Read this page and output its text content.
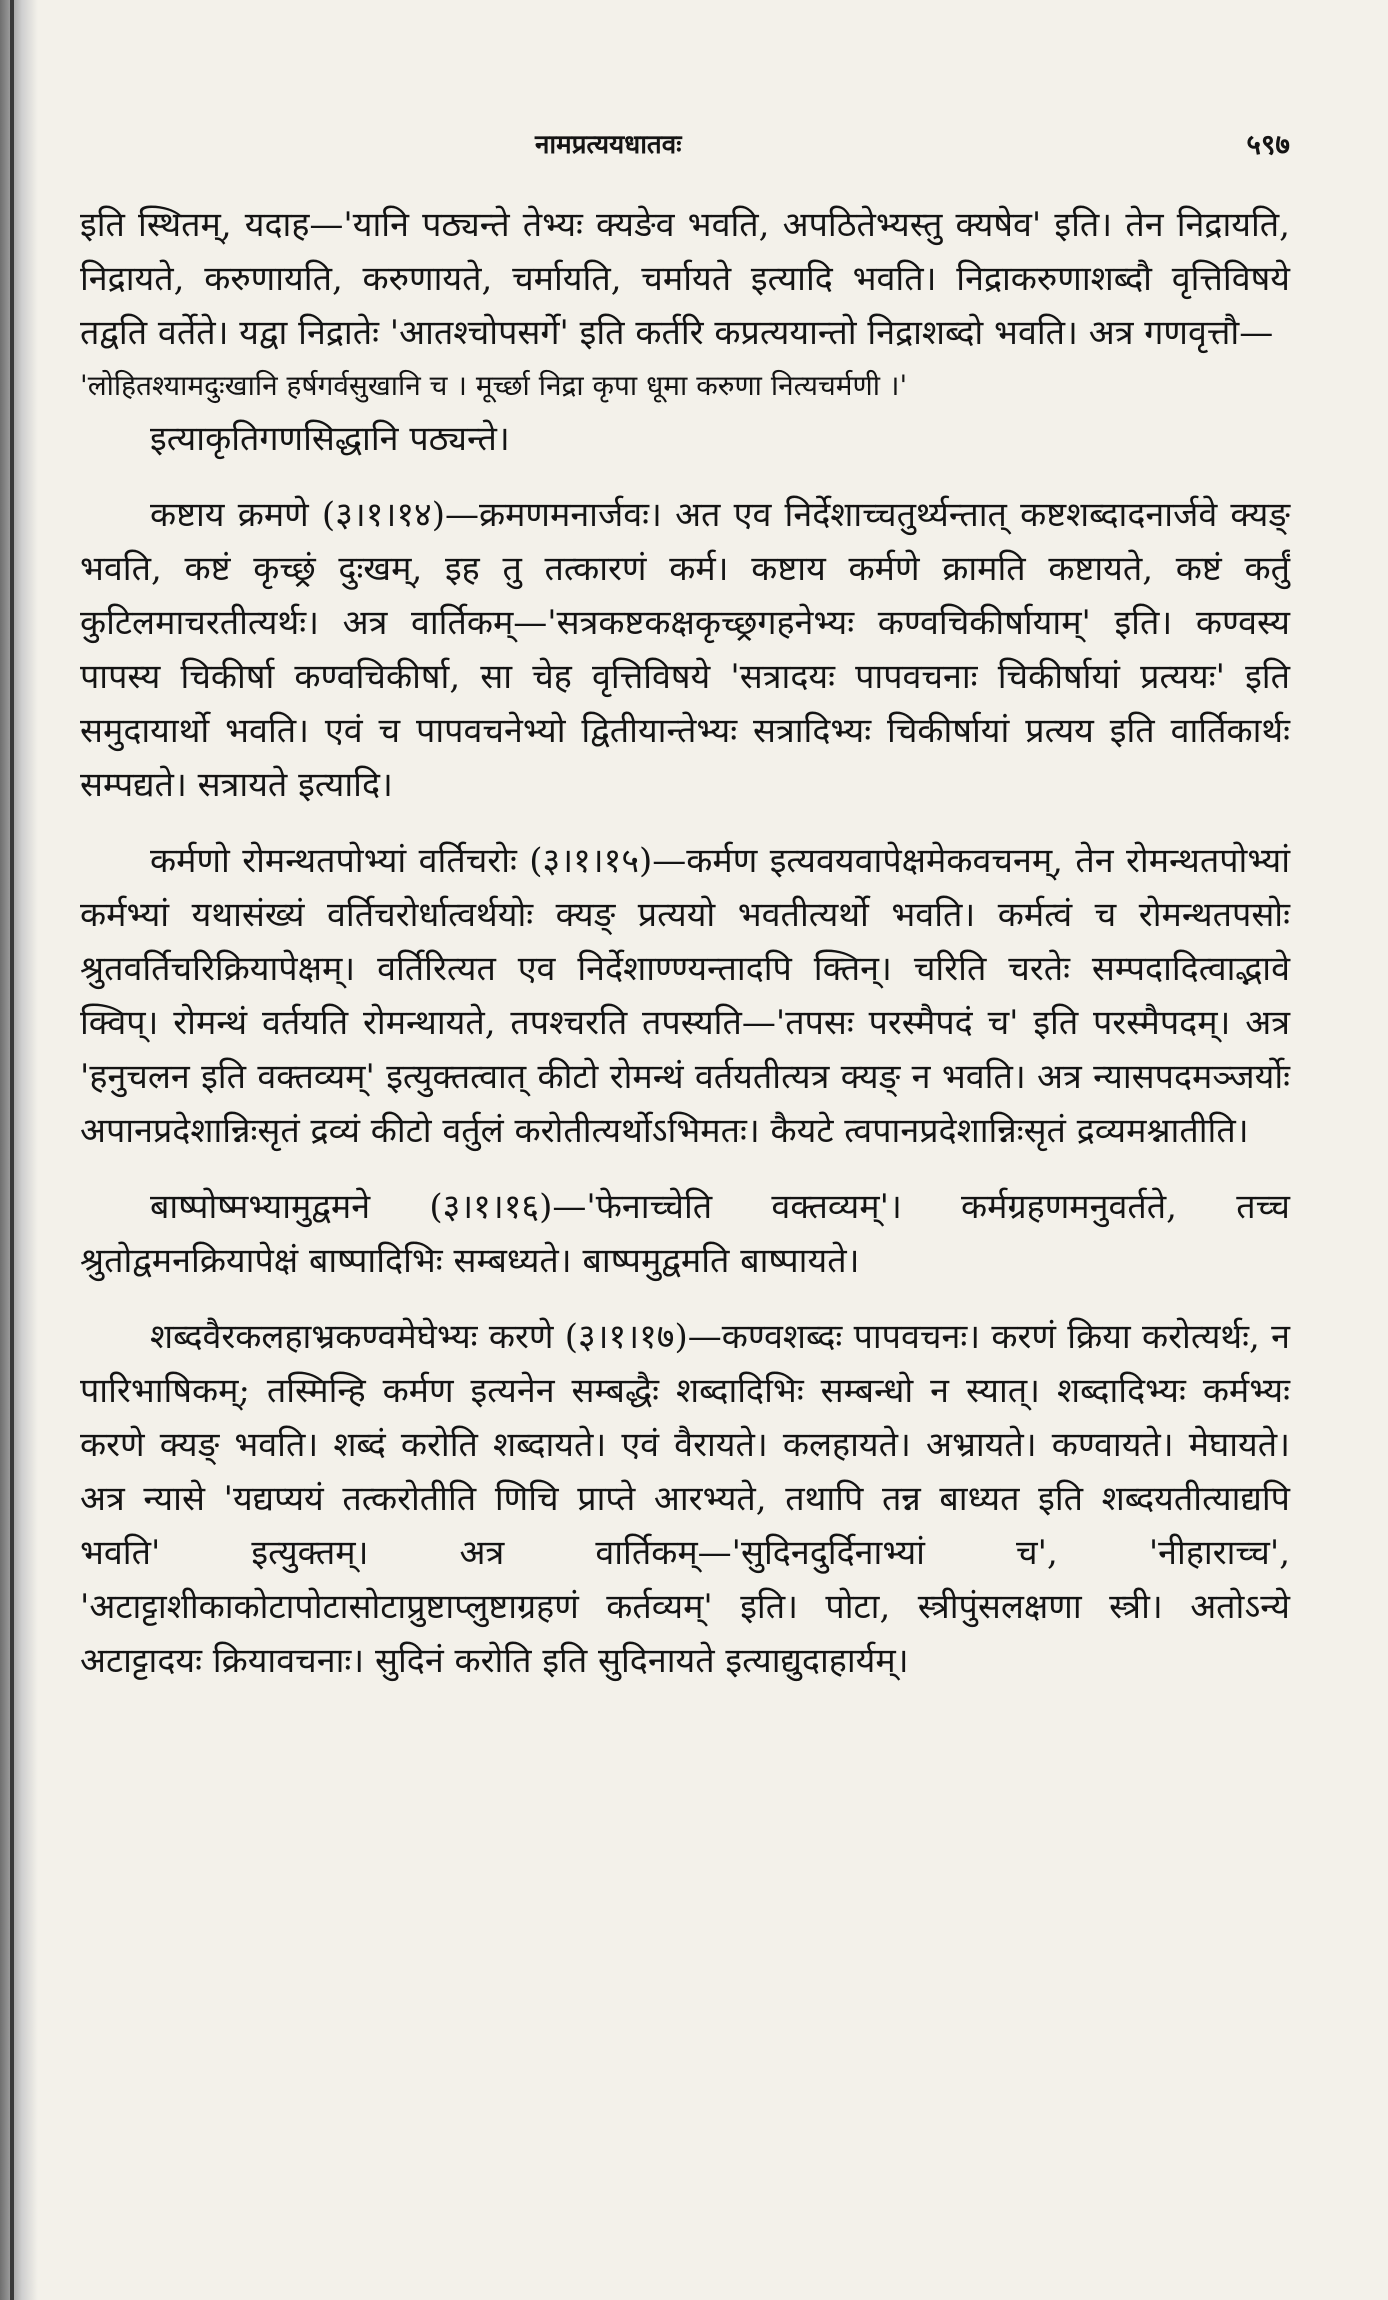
नामप्रत्ययधातवः	५९७

इति स्थितम्, यदाह—'यानि पठ्यन्ते तेभ्यः क्यङेव भवति, अपठितेभ्यस्तु क्यषेव' इति। तेन निद्रायति, निद्रायते, करुणायति, करुणायते, चर्मायति, चर्मायते इत्यादि भवति। निद्राकरुणाशब्दौ वृत्तिविषये तद्वति वर्तेते। यद्वा निद्रातेः 'आतश्चोपसर्गे' इति कर्तरि कप्रत्ययान्तो निद्राशब्दो भवति। अत्र गणवृत्तौ—

'लोहितश्यामदुःखानि हर्षगर्वसुखानि च । मूर्च्छा निद्रा कृपा धूमा करुणा नित्यचर्मणी ।'

इत्याकृतिगणसिद्धानि पठ्यन्ते।

कष्टाय क्रमणे (३।१।१४)—क्रमणमनार्जवः। अत एव निर्देशाच्चतुर्थ्यन्तात् कष्टशब्दादनार्जवे क्यङ् भवति, कष्टं कृच्छ्रं दुःखम्, इह तु तत्कारणं कर्म। कष्टाय कर्मणे क्रामति कष्टायते, कष्टं कर्तुं कुटिलमाचरतीत्यर्थः। अत्र वार्तिकम्—'सत्रकष्टकक्षकृच्छ्रगहनेभ्यः कण्वचिकीर्षायाम्' इति। कण्वस्य पापस्य चिकीर्षा कण्वचिकीर्षा, सा चेह वृत्तिविषये 'सत्रादयः पापवचनाः चिकीर्षायां प्रत्ययः' इति समुदायार्थो भवति। एवं च पापवचनेभ्यो द्वितीयान्तेभ्यः सत्रादिभ्यः चिकीर्षायां प्रत्यय इति वार्तिकार्थः सम्पद्यते। सत्रायते इत्यादि।

कर्मणो रोमन्थतपोभ्यां वर्तिचरोः (३।१।१५)—कर्मण इत्यवयवापेक्षमेकवचनम्, तेन रोमन्थतपोभ्यां कर्मभ्यां यथासंख्यं वर्तिचरोर्धात्वर्थयोः क्यङ् प्रत्ययो भवतीत्यर्थो भवति। कर्मत्वं च रोमन्थतपसोः श्रुतवर्तिचरिक्रियापेक्षम्। वर्तिरित्यत एव निर्देशाण्ण्यन्तादपि क्तिन्। चरिति चरतेः सम्पदादित्वाद्भावे क्विप्। रोमन्थं वर्तयति रोमन्थायते, तपश्चरति तपस्यति—'तपसः परस्मैपदं च' इति परस्मैपदम्। अत्र 'हनुचलन इति वक्तव्यम्' इत्युक्तत्वात् कीटो रोमन्थं वर्तयतीत्यत्र क्यङ् न भवति। अत्र न्यासपदमञ्जर्योः अपानप्रदेशान्निःसृतं द्रव्यं कीटो वर्तुलं करोतीत्यर्थोऽभिमतः। कैयटे त्वपानप्रदेशान्निःसृतं द्रव्यमश्नातीति।

बाष्पोष्मभ्यामुद्वमने (३।१।१६)—'फेनाच्चेति वक्तव्यम्'। कर्मग्रहणमनुवर्तते, तच्च श्रुतोद्वमनक्रियापेक्षं बाष्पादिभिः सम्बध्यते। बाष्पमुद्वमति बाष्पायते।

शब्दवैरकलहाभ्रकण्वमेघेभ्यः करणे (३।१।१७)—कण्वशब्दः पापवचनः। करणं क्रिया करोत्यर्थः, न पारिभाषिकम्; तस्मिन्हि कर्मण इत्यनेन सम्बद्धैः शब्दादिभिः सम्बन्धो न स्यात्। शब्दादिभ्यः कर्मभ्यः करणे क्यङ् भवति। शब्दं करोति शब्दायते। एवं वैरायते। कलहायते। अभ्रायते। कण्वायते। मेघायते। अत्र न्यासे 'यद्यप्ययं तत्करोतीति णिचि प्राप्ते आरभ्यते, तथापि तन्न बाध्यत इति शब्दयतीत्याद्यपि भवति' इत्युक्तम्। अत्र वार्तिकम्—'सुदिनदुर्दिनाभ्यां च', 'नीहाराच्च', 'अटाट्टाशीकाकोटापोटासोटाप्रुष्टाप्लुष्टाग्रहणं कर्तव्यम्' इति। पोटा, स्त्रीपुंसलक्षणा स्त्री। अतोऽन्ये अटाट्टादयः क्रियावचनाः। सुदिनं करोति इति सुदिनायते इत्याद्युदाहार्यम्।
